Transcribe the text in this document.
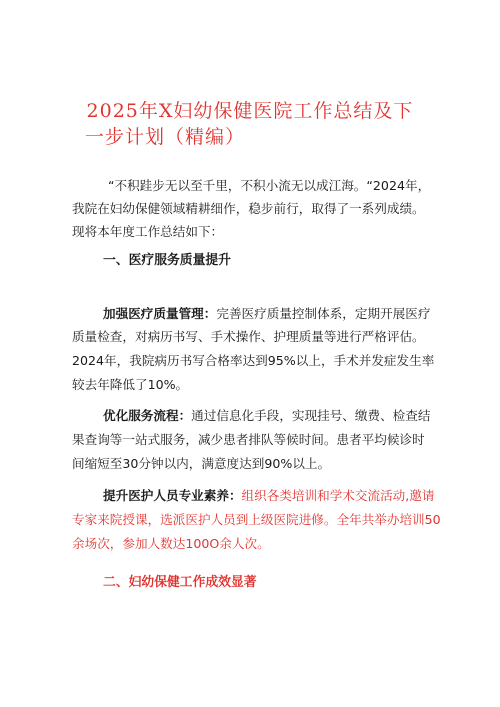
2025年X妇幼保健医院工作总结及下
一步计划（精编）
“不积跬步无以至千里，不积小流无以成江海。“2024年，
我院在妇幼保健领域精耕细作，稳步前行，取得了一系列成绩。
现将本年度工作总结如下：
一、医疗服务质量提升
加强医疗质量管理：完善医疗质量控制体系，定期开展医疗
质量检查，对病历书写、手术操作、护理质量等进行严格评估。
2024年，我院病历书写合格率达到95%以上，手术并发症发生率
较去年降低了10%。
优化服务流程：通过信息化手段，实现挂号、缴费、检查结
果查询等一站式服务，减少患者排队等候时间。患者平均候诊时
间缩短至30分钟以内，满意度达到90%以上。
提升医护人员专业素养：组织各类培训和学术交流活动,邀请
专家来院授课，选派医护人员到上级医院进修。全年共举办培训50
余场次，参加人数达100O余人次。
二、妇幼保健工作成效显著
